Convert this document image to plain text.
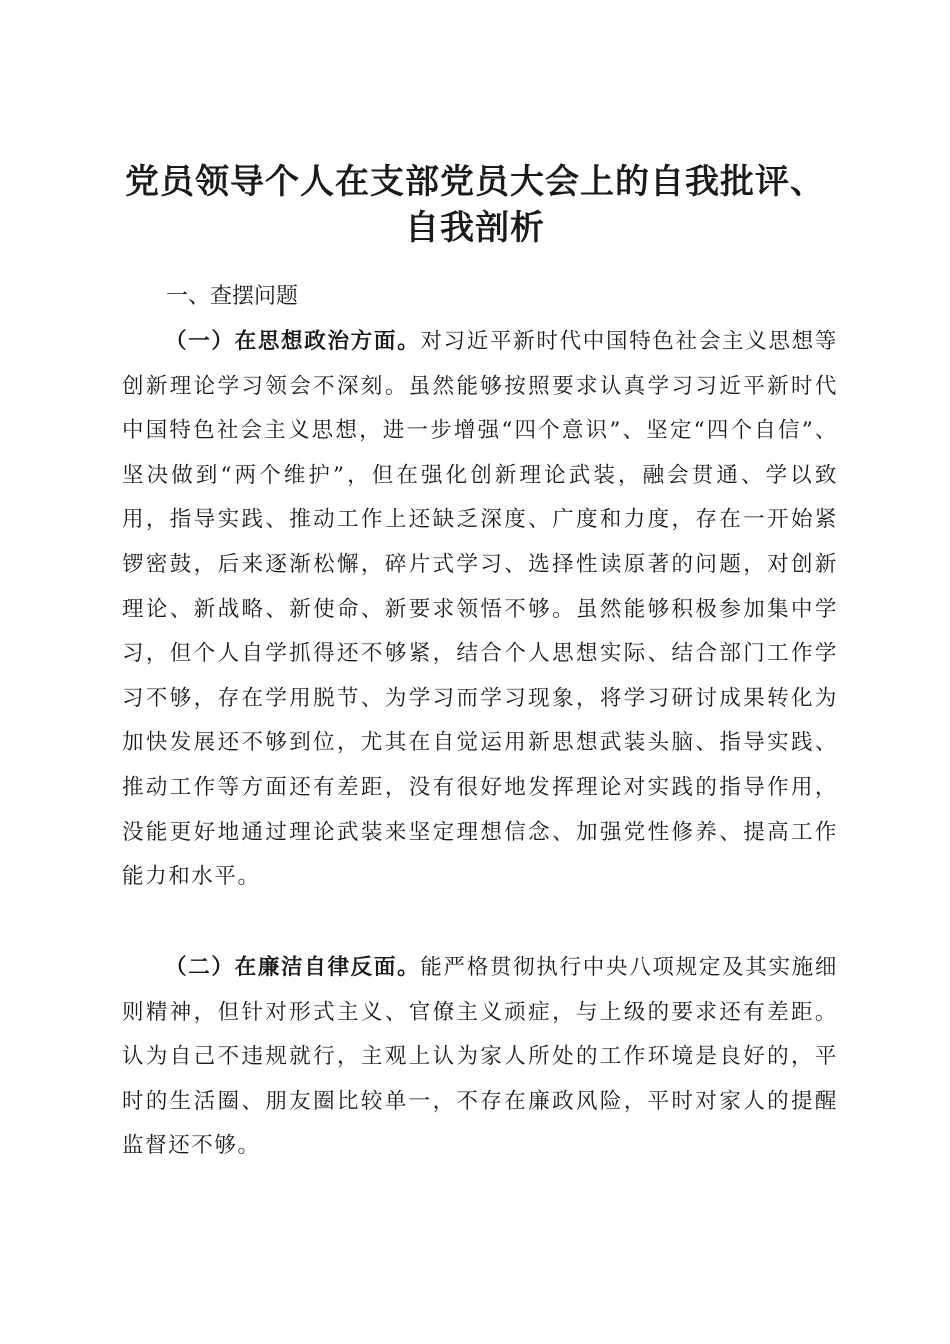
党员领导个人在支部党员大会上的自我批评、
自我剖析
一、查摆问题

（一）在思想政治方面。对习近平新时代中国特色社会主义思想等创新理论学习领会不深刻。虽然能够按照要求认真学习习近平新时代中国特色社会主义思想，进一步增强“四个意识”、坚定“四个自信”、坚决做到“两个维护”，但在强化创新理论武装，融会贯通、学以致用，指导实践、推动工作上还缺乏深度、广度和力度，存在一开始紧锣密鼓，后来逐渐松懈，碎片式学习、选择性读原著的问题，对创新理论、新战略、新使命、新要求领悟不够。虽然能够积极参加集中学习，但个人自学抓得还不够紧，结合个人思想实际、结合部门工作学习不够，存在学用脱节、为学习而学习现象，将学习研讨成果转化为加快发展还不够到位，尤其在自觉运用新思想武装头脑、指导实践、推动工作等方面还有差距，没有很好地发挥理论对实践的指导作用，没能更好地通过理论武装来坚定理想信念、加强党性修养、提高工作能力和水平。

（二）在廉洁自律反面。能严格贯彻执行中央八项规定及其实施细则精神，但针对形式主义、官僚主义顽症，与上级的要求还有差距。认为自己不违规就行，主观上认为家人所处的工作环境是良好的，平时的生活圈、朋友圈比较单一，不存在廉政风险，平时对家人的提醒监督还不够。
